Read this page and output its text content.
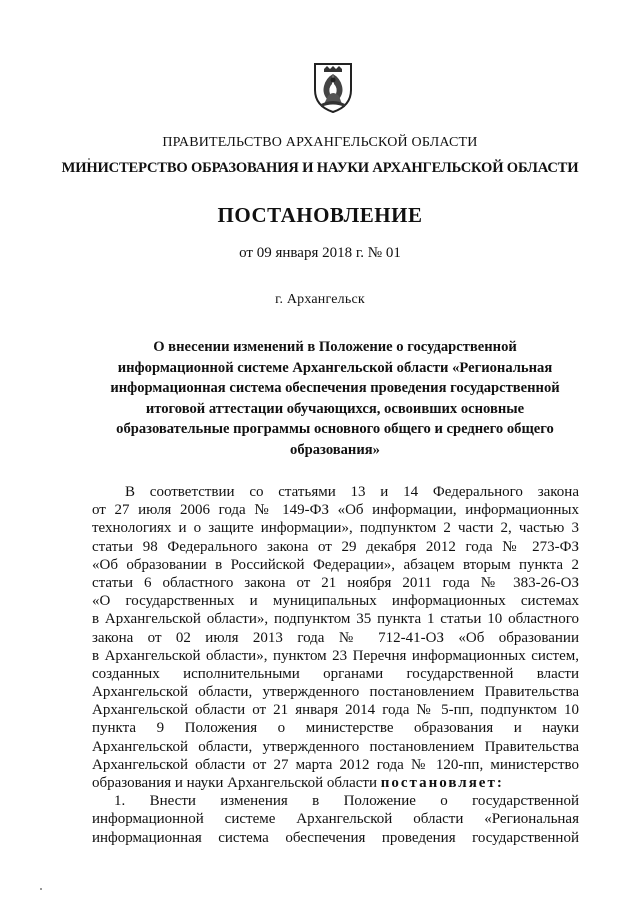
ПРАВИТЕЛЬСТВО АРХАНГЕЛЬСКОЙ ОБЛАСТИ
МИНИСТЕРСТВО ОБРАЗОВАНИЯ И НАУКИ АРХАНГЕЛЬСКОЙ ОБЛАСТИ
ПОСТАНОВЛЕНИЕ
от 09 января 2018 г. № 01
г. Архангельск
О внесении изменений в Положение о государственной
информационной системе Архангельской области «Региональная
информационная система обеспечения проведения государственной
итоговой аттестации обучающихся, освоивших основные
образовательные программы основного общего и среднего общего
образования»
В соответствии со статьями 13 и 14 Федерального закона
от 27 июля 2006 года № 149-ФЗ «Об информации, информационных
технологиях и о защите информации», подпунктом 2 части 2, частью 3
статьи 98 Федерального закона от 29 декабря 2012 года № 273-ФЗ
«Об образовании в Российской Федерации», абзацем вторым пункта 2
статьи 6 областного закона от 21 ноября 2011 года № 383-26-ОЗ
«О государственных и муниципальных информационных системах
в Архангельской области», подпунктом 35 пункта 1 статьи 10 областного
закона от 02 июля 2013 года № 712-41-ОЗ «Об образовании
в Архангельской области», пунктом 23 Перечня информационных систем,
созданных исполнительными органами государственной власти
Архангельской области, утвержденного постановлением Правительства
Архангельской области от 21 января 2014 года № 5-пп, подпунктом 10
пункта 9 Положения о министерстве образования и науки
Архангельской области, утвержденного постановлением Правительства
Архангельской области от 27 марта 2012 года № 120-пп, министерство
образования и науки Архангельской области постановляет:
1. Внести изменения в Положение о государственной
информационной системе Архангельской области «Региональная
информационная система обеспечения проведения государственной
